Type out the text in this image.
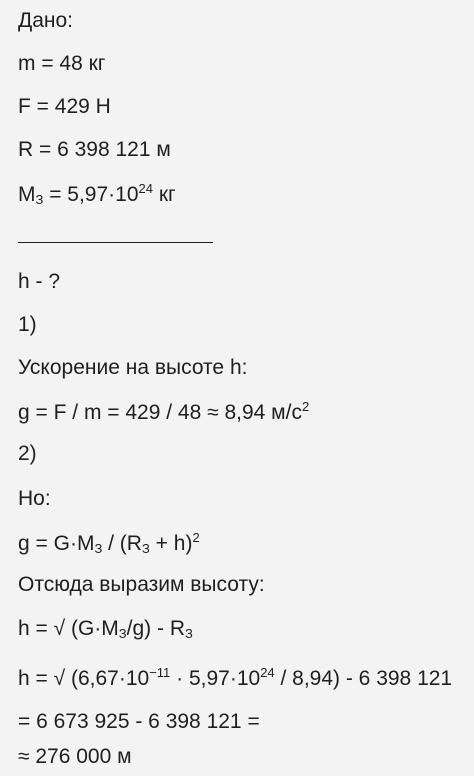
Дано:
m = 48 кг
F = 429 Н
R = 6 398 121 м
$M_З = 5,97\cdot 10^{24}$ кг
h - ?
1)
Ускорение на высоте h:
g = F / m = 429 / 48 ≈ 8,94 $м/с^2$
2)
Но:
$g = G\cdot M_З / (R_З + h)^2$
Отсюда выразим высоту:
h = √ $(G\cdot M_З/g) - R_З$
h = √ $(6,67\cdot 10^{-11} \cdot 5,97\cdot 10^{24} / 8,94) - 6$ 398 121 = 6 673 925 - 6 398 121 =
≈ 276 000 м
